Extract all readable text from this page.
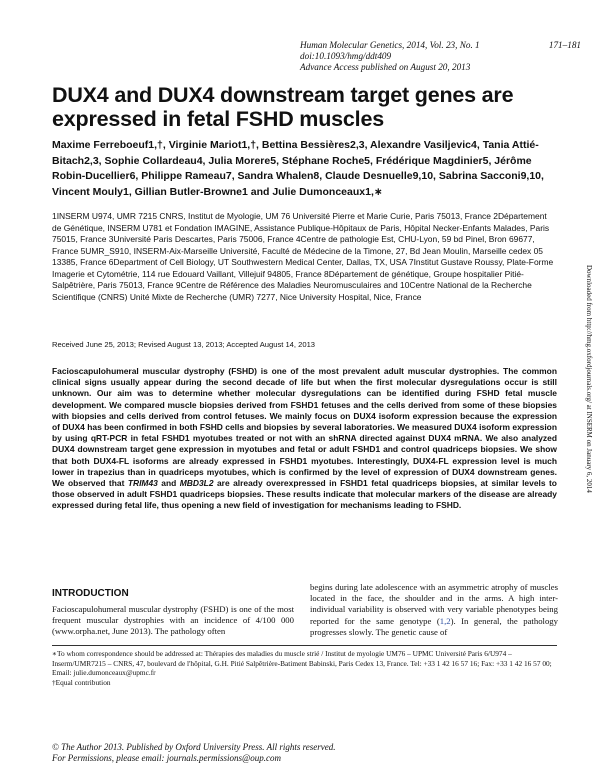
Human Molecular Genetics, 2014, Vol. 23, No. 1	171–181
doi:10.1093/hmg/ddt409
Advance Access published on August 20, 2013
DUX4 and DUX4 downstream target genes are expressed in fetal FSHD muscles
Maxime Ferreboeuf1,†, Virginie Mariot1,†, Bettina Bessières2,3, Alexandre Vasiljevic4, Tania Attié-Bitach2,3, Sophie Collardeau4, Julia Morere5, Stéphane Roche5, Frédérique Magdinier5, Jérôme Robin-Ducellier6, Philippe Rameau7, Sandra Whalen8, Claude Desnuelle9,10, Sabrina Sacconi9,10, Vincent Mouly1, Gillian Butler-Browne1 and Julie Dumonceaux1,∗
1INSERM U974, UMR 7215 CNRS, Institut de Myologie, UM 76 Université Pierre et Marie Curie, Paris 75013, France 2Département de Génétique, INSERM U781 et Fondation IMAGINE, Assistance Publique-Hôpitaux de Paris, Hôpital Necker-Enfants Malades, Paris 75015, France 3Université Paris Descartes, Paris 75006, France 4Centre de pathologie Est, CHU-Lyon, 59 bd Pinel, Bron 69677, France 5UMR_S910, INSERM-Aix-Marseille Université, Faculté de Médecine de la Timone, 27, Bd Jean Moulin, Marseille cedex 05 13385, France 6Department of Cell Biology, UT Southwestern Medical Center, Dallas, TX, USA 7Institut Gustave Roussy, Plate-Forme Imagerie et Cytométrie, 114 rue Edouard Vaillant, Villejuif 94805, France 8Département de génétique, Groupe hospitalier Pitié-Salpêtrière, Paris 75013, France 9Centre de Référence des Maladies Neuromusculaires and 10Centre National de la Recherche Scientifique (CNRS) Unité Mixte de Recherche (UMR) 7277, Nice University Hospital, Nice, France
Received June 25, 2013; Revised August 13, 2013; Accepted August 14, 2013
Facioscapulohumeral muscular dystrophy (FSHD) is one of the most prevalent adult muscular dystrophies. The common clinical signs usually appear during the second decade of life but when the first molecular dysregulations occur is still unknown. Our aim was to determine whether molecular dysregulations can be identified during FSHD fetal muscle development. We compared muscle biopsies derived from FSHD1 fetuses and the cells derived from some of these biopsies with biopsies and cells derived from control fetuses. We mainly focus on DUX4 isoform expression because the expression of DUX4 has been confirmed in both FSHD cells and biopsies by several laboratories. We measured DUX4 isoform expression by using qRT-PCR in fetal FSHD1 myotubes treated or not with an shRNA directed against DUX4 mRNA. We also analyzed DUX4 downstream target gene expression in myotubes and fetal or adult FSHD1 and control quadriceps biopsies. We show that both DUX4-FL isoforms are already expressed in FSHD1 myotubes. Interestingly, DUX4-FL expression level is much lower in trapezius than in quadriceps myotubes, which is confirmed by the level of expression of DUX4 downstream genes. We observed that TRIM43 and MBD3L2 are already overexpressed in FSHD1 fetal quadriceps biopsies, at similar levels to those observed in adult FSHD1 quadriceps biopsies. These results indicate that molecular markers of the disease are already expressed during fetal life, thus opening a new field of investigation for mechanisms leading to FSHD.
Downloaded from http://hmg.oxfordjournals.org/ at INSERM on January 6, 2014
INTRODUCTION
Facioscapulohumeral muscular dystrophy (FSHD) is one of the most frequent muscular dystrophies with an incidence of 4/100 000 (www.orpha.net, June 2013). The pathology often
begins during late adolescence with an asymmetric atrophy of muscles located in the face, the shoulder and in the arms. A high inter-individual variability is observed with very variable phenotypes being reported for the same genotype (1,2). In general, the pathology progresses slowly. The genetic cause of
∗To whom correspondence should be addressed at: Thérapies des maladies du muscle strié / Institut de myologie UM76 – UPMC Université Paris 6/U974 – Inserm/UMR7215 – CNRS, 47, boulevard de l'hôpital, G.H. Pitié Salpêtrière-Batiment Babinski, Paris Cedex 13, France. Tel: +33 1 42 16 57 16; Fax: +33 1 42 16 57 00; Email: julie.dumonceaux@upmc.fr
†Equal contribution
© The Author 2013. Published by Oxford University Press. All rights reserved.
For Permissions, please email: journals.permissions@oup.com
